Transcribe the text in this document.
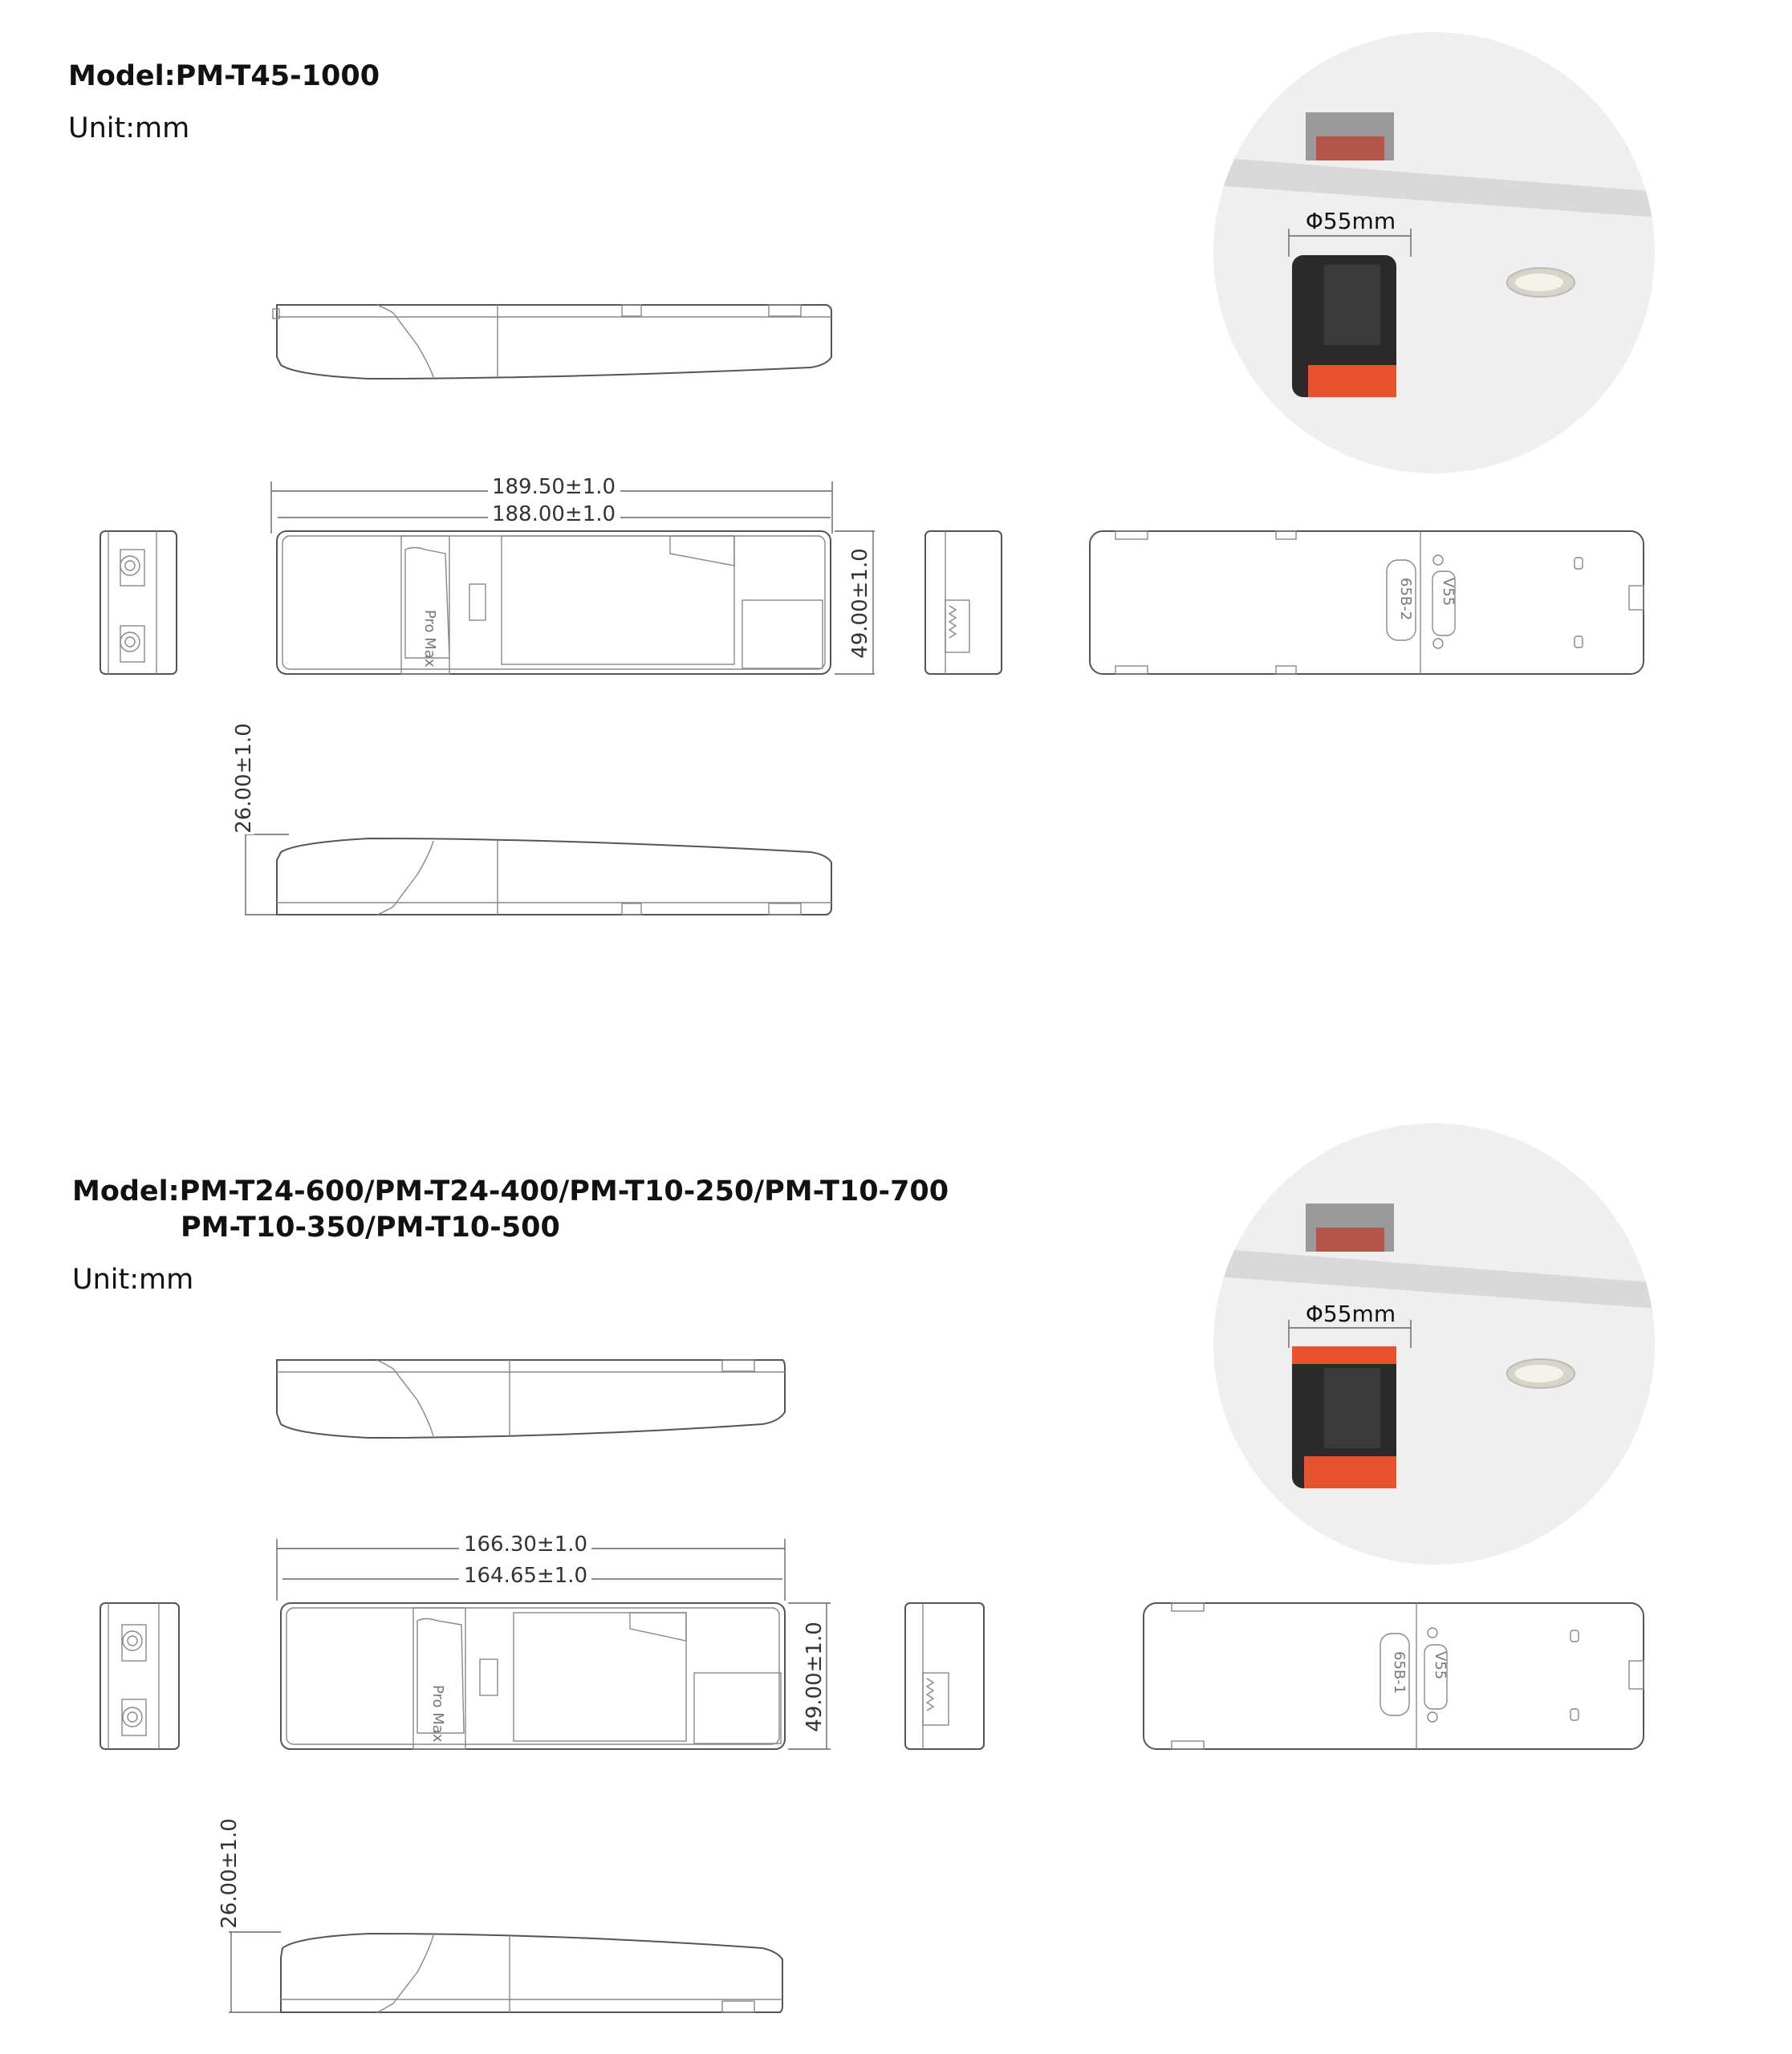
Model:PM-T45-1000
Unit:mm
Model:PM-T24-600/PM-T24-400/PM-T10-250/PM-T10-700
PM-T10-350/PM-T10-500
Unit:mm
189.50±1.0
188.00±1.0
Pro Max	49.00±1.0	65B-2 V55
26.00±1.0
Φ55mm
166.30±1.0
164.65±1.0
Pro Max	49.00±1.0	65B-1 V55
26.00±1.0
Φ55mm
